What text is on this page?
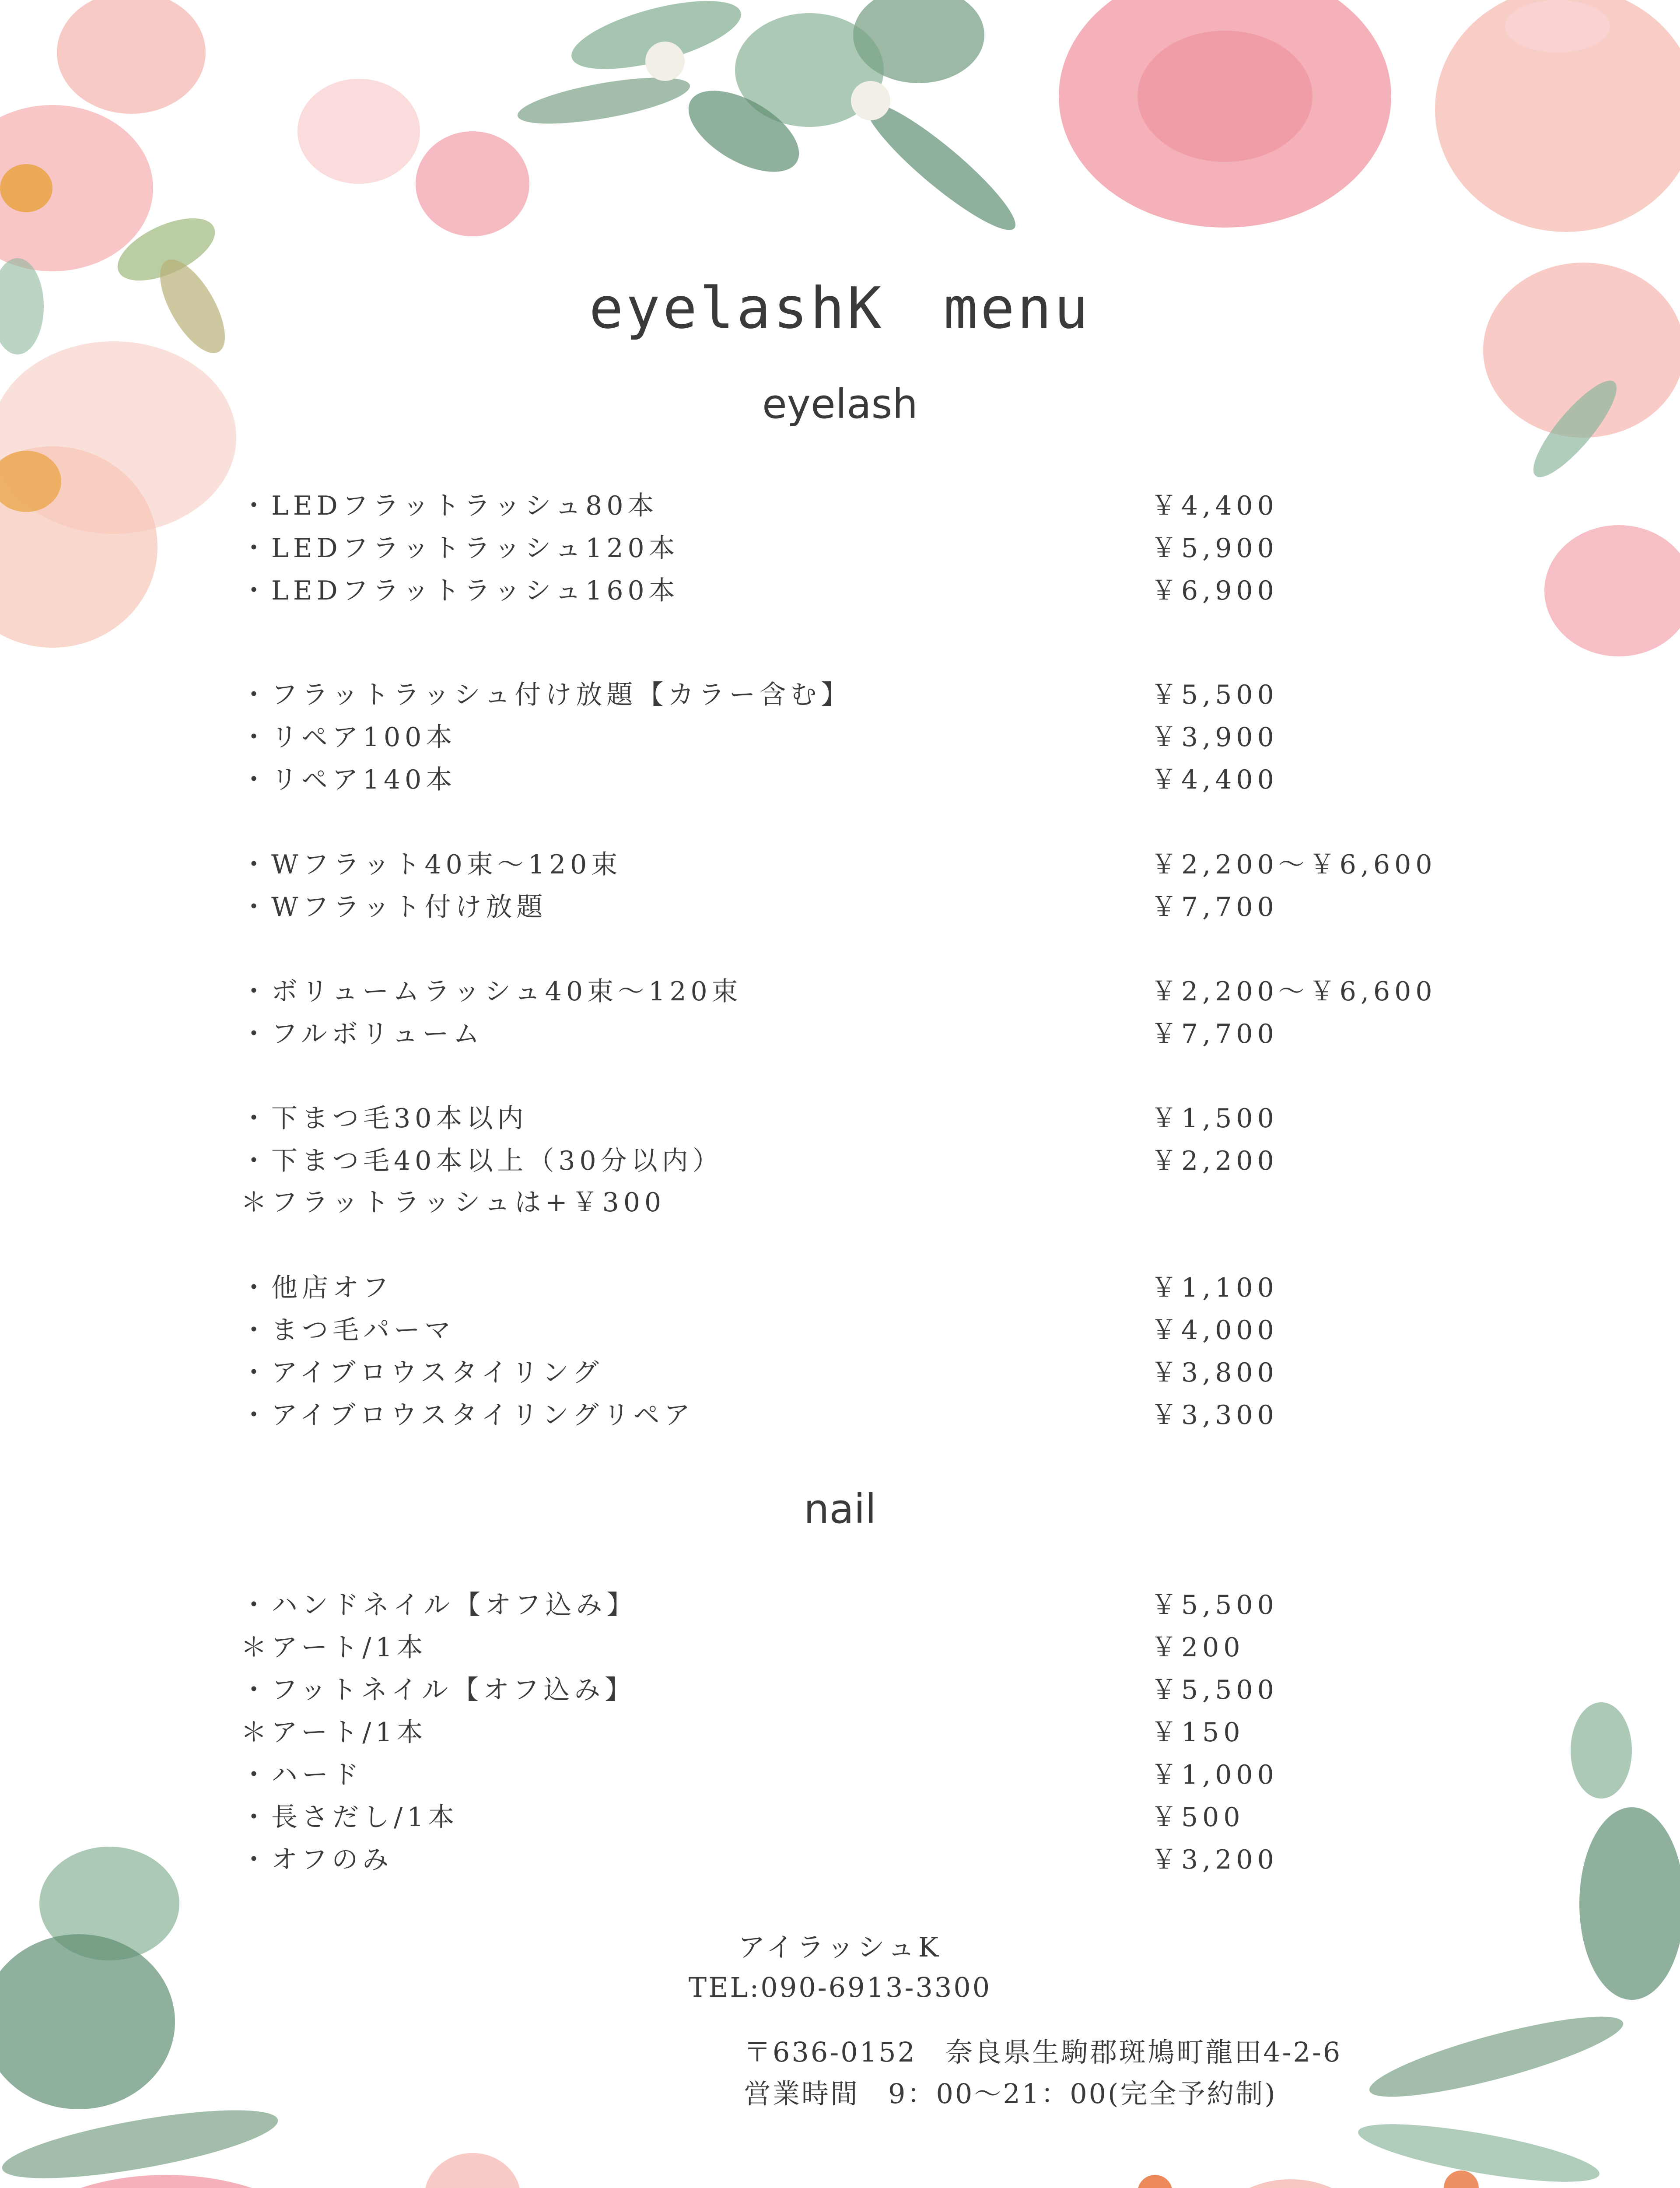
eyelashK　menu
eyelash
・LEDフラットラッシュ80本	￥4,400
・LEDフラットラッシュ120本	￥5,900
・LEDフラットラッシュ160本	￥6,900
・フラットラッシュ付け放題【カラー含む】	￥5,500
・リペア100本	￥3,900
・リペア140本	￥4,400
・Wフラット40束～120束	￥2,200～￥6,600
・Wフラット付け放題	￥7,700
・ボリュームラッシュ40束～120束	￥2,200～￥6,600
・フルボリューム	￥7,700
・下まつ毛30本以内	￥1,500
・下まつ毛40本以上（30分以内）	￥2,200
＊フラットラッシュは+￥300
・他店オフ	￥1,100
・まつ毛パーマ	￥4,000
・アイブロウスタイリング	￥3,800
・アイブロウスタイリングリペア	￥3,300
nail
・ハンドネイル【オフ込み】	￥5,500
＊アート/1本	￥200
・フットネイル【オフ込み】	￥5,500
＊アート/1本	￥150
・ハード	￥1,000
・長さだし/1本	￥500
・オフのみ	￥3,200
アイラッシュK
TEL:090-6913-3300
〒636-0152　奈良県生駒郡斑鳩町龍田4-2-6
営業時間　9：00～21：00(完全予約制)
